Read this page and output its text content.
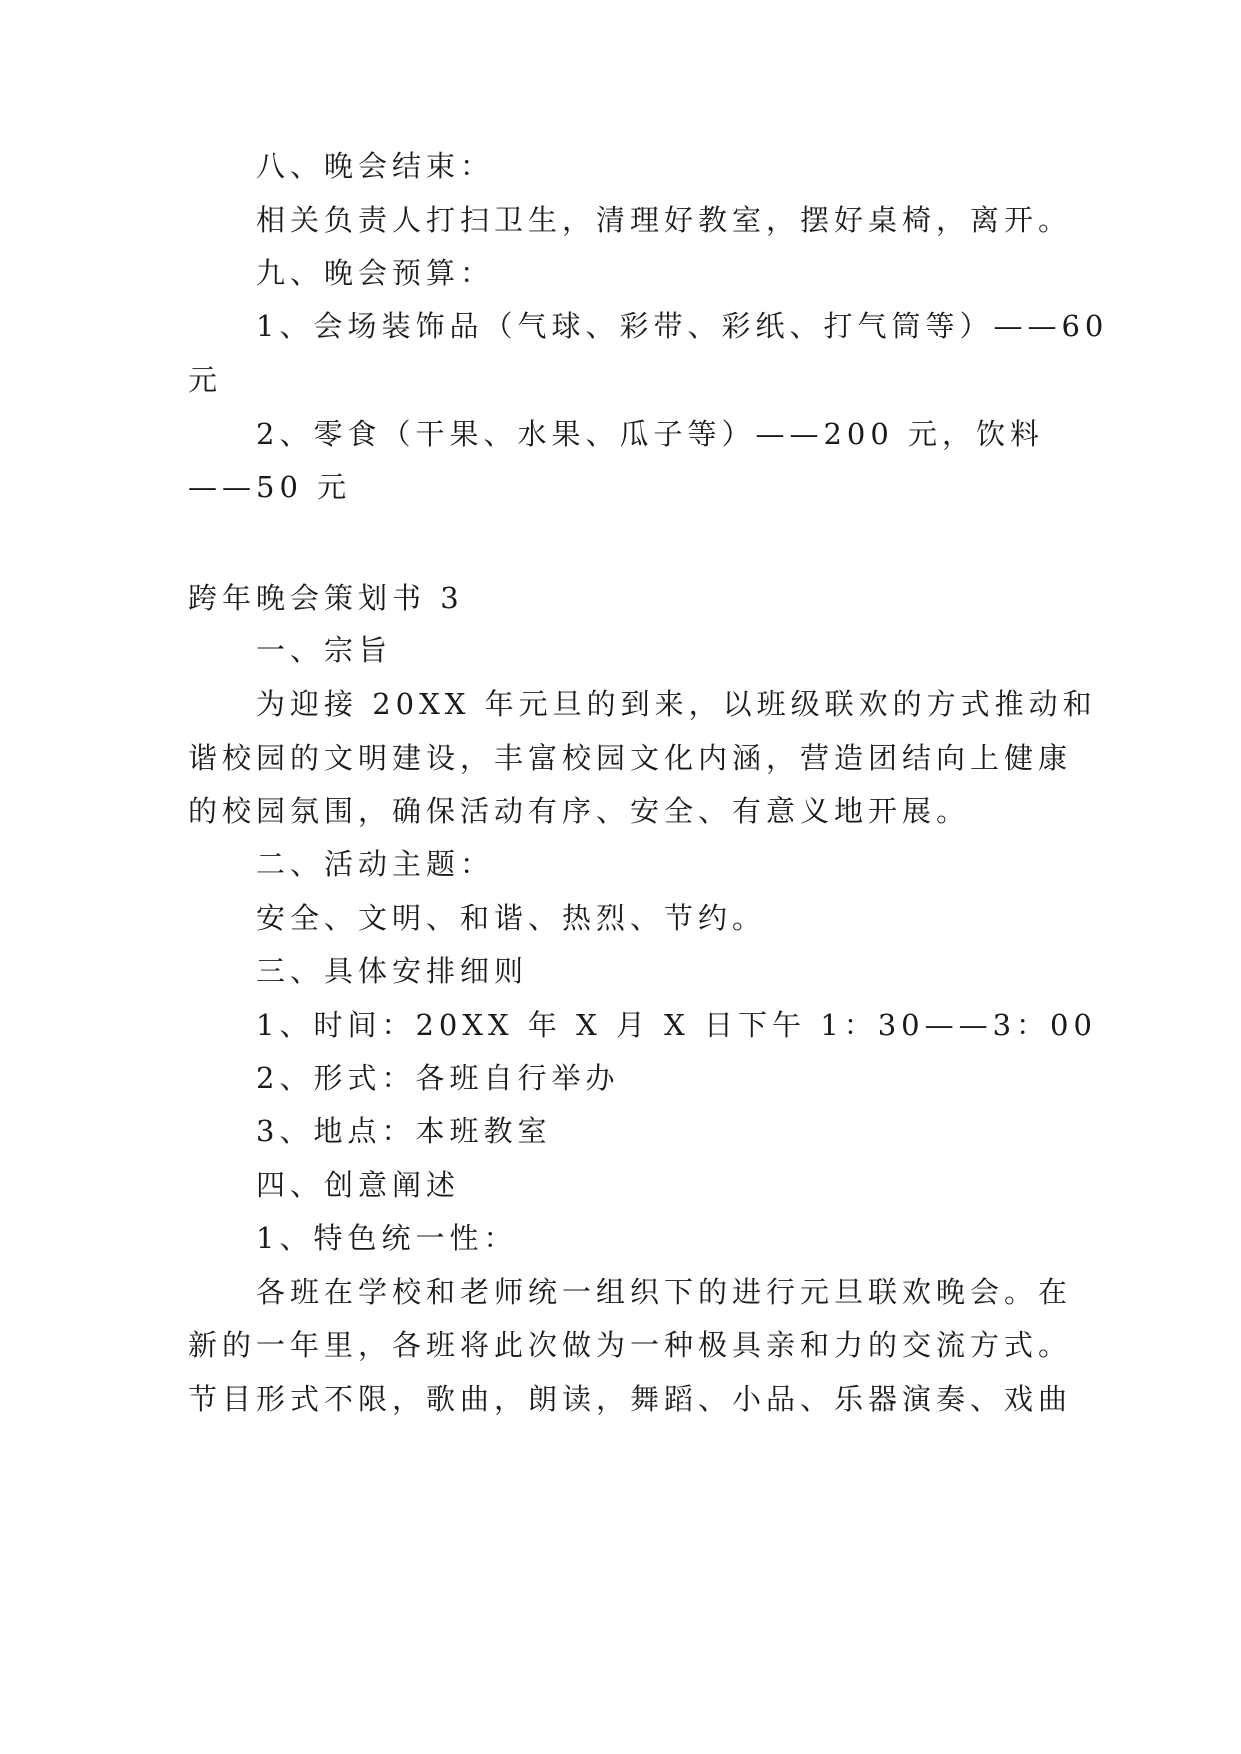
八、晚会结束：
相关负责人打扫卫生，清理好教室，摆好桌椅，离开。
九、晚会预算：
1、会场装饰品（气球、彩带、彩纸、打气筒等）——60
元
2、零食（干果、水果、瓜子等）——200 元，饮料
——50 元
跨年晚会策划书 3
一、宗旨
为迎接 20XX 年元旦的到来，以班级联欢的方式推动和
谐校园的文明建设，丰富校园文化内涵，营造团结向上健康
的校园氛围，确保活动有序、安全、有意义地开展。
二、活动主题：
安全、文明、和谐、热烈、节约。
三、具体安排细则
1、时间：20XX 年 X 月 X 日下午 1：30——3：00
2、形式：各班自行举办
3、地点：本班教室
四、创意阐述
1、特色统一性：
各班在学校和老师统一组织下的进行元旦联欢晚会。在
新的一年里，各班将此次做为一种极具亲和力的交流方式。
节目形式不限，歌曲，朗读，舞蹈、小品、乐器演奏、戏曲
